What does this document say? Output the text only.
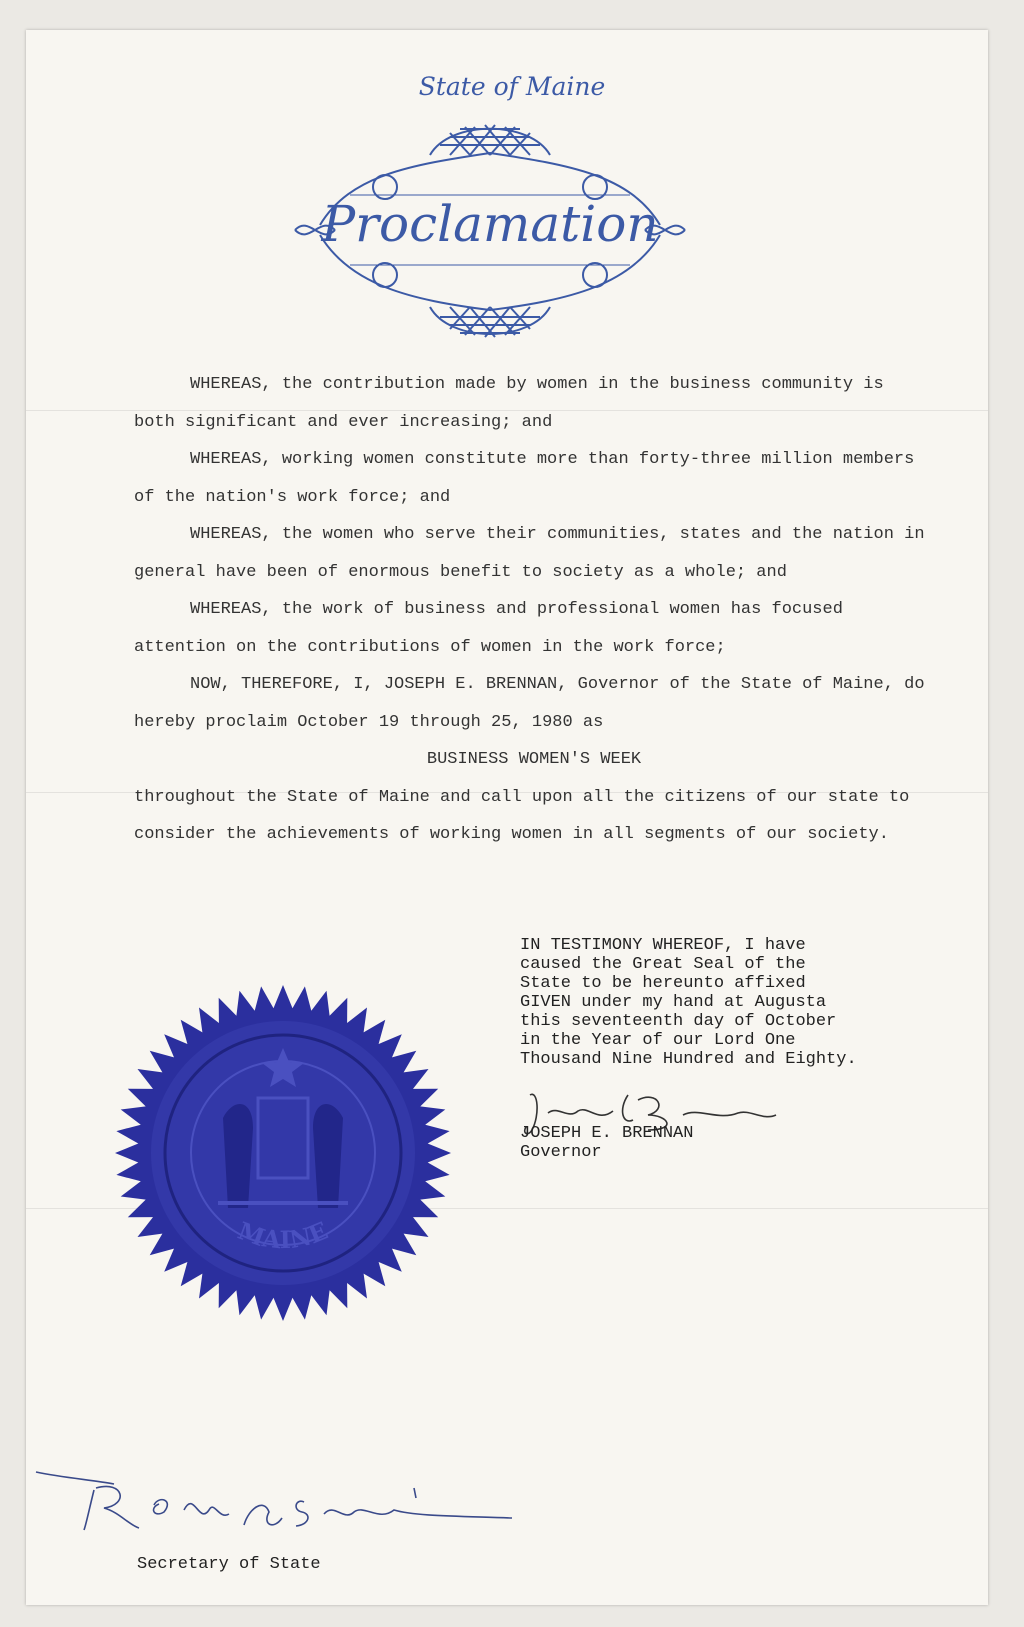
State of Maine
Proclamation

WHEREAS, the contribution made by women in the business community is both significant and ever increasing; and

WHEREAS, working women constitute more than forty-three million members of the nation's work force; and

WHEREAS, the women who serve their communities, states and the nation in general have been of enormous benefit to society as a whole; and

WHEREAS, the work of business and professional women has focused attention on the contributions of women in the work force;

NOW, THEREFORE, I, JOSEPH E. BRENNAN, Governor of the State of Maine, do hereby proclaim October 19 through 25, 1980 as

BUSINESS WOMEN'S WEEK

throughout the State of Maine and call upon all the citizens of our state to consider the achievements of working women in all segments of our society.

IN TESTIMONY WHEREOF, I have
caused the Great Seal of the
State to be hereunto affixed
GIVEN under my hand at Augusta
this seventeenth day of October
in the Year of our Lord One
Thousand Nine Hundred and Eighty.
JOSEPH E. BRENNAN
Governor
MAINE
Secretary of State
